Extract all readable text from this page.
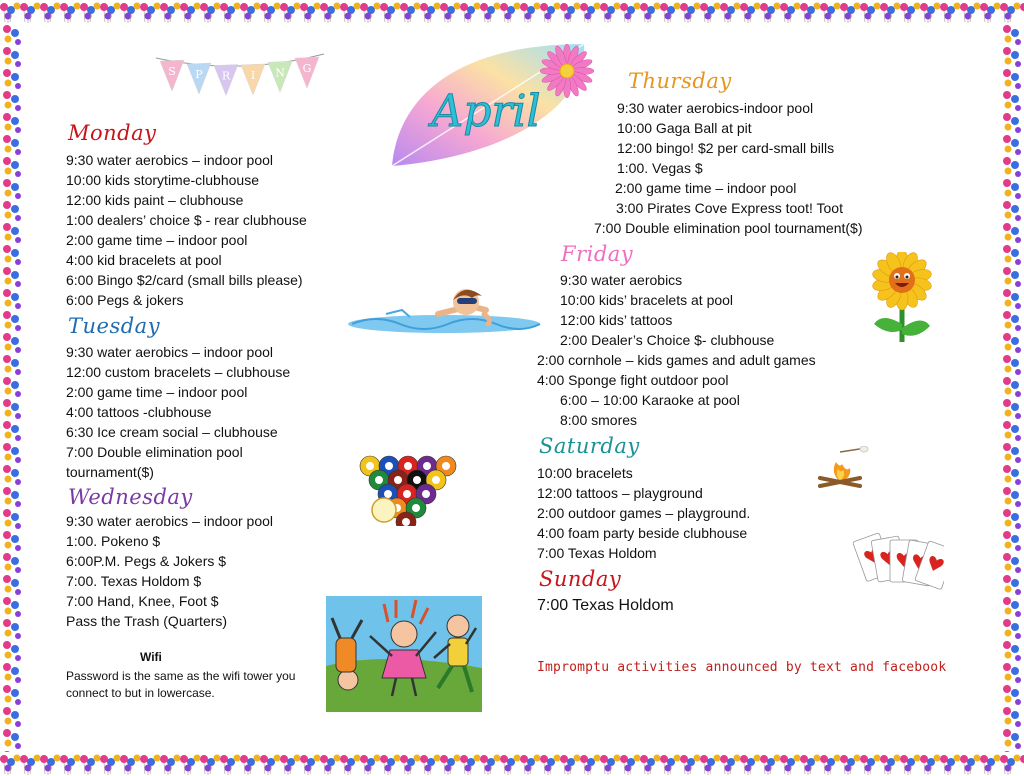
S P R I N G
April
Monday
9:30 water aerobics – indoor pool
10:00 kids storytime-clubhouse
12:00 kids paint – clubhouse
1:00 dealers’ choice $ - rear clubhouse
2:00 game time – indoor pool
4:00 kid bracelets at pool
6:00 Bingo $2/card (small bills please)
6:00 Pegs & jokers
Tuesday
9:30 water aerobics – indoor pool
12:00 custom bracelets – clubhouse
2:00 game time – indoor pool
4:00 tattoos -clubhouse
6:30 Ice cream social – clubhouse
7:00 Double elimination pool
tournament($)
Wednesday
9:30 water aerobics – indoor pool
1:00. Pokeno $
6:00P.M. Pegs & Jokers $
7:00. Texas Holdom $
7:00 Hand, Knee, Foot $
Pass the Trash (Quarters)
Wifi
Password is the same as the wifi tower you connect to but in lowercase.
Thursday
9:30 water aerobics-indoor pool
10:00 Gaga Ball at pit
12:00 bingo! $2 per card-small bills
1:00. Vegas $
2:00 game time – indoor pool
3:00 Pirates Cove Express toot! Toot
7:00 Double elimination pool tournament($)
Friday
9:30 water aerobics
10:00 kids’ bracelets at pool
12:00 kids’ tattoos
2:00 Dealer’s Choice $- clubhouse
2:00 cornhole – kids games and adult games
4:00 Sponge fight outdoor pool
6:00 – 10:00 Karaoke at pool
8:00 smores
Saturday
10:00 bracelets
12:00 tattoos – playground
2:00 outdoor games – playground.
4:00 foam party beside clubhouse
7:00 Texas Holdom
Sunday
7:00 Texas Holdom
Impromptu activities announced by text and facebook
